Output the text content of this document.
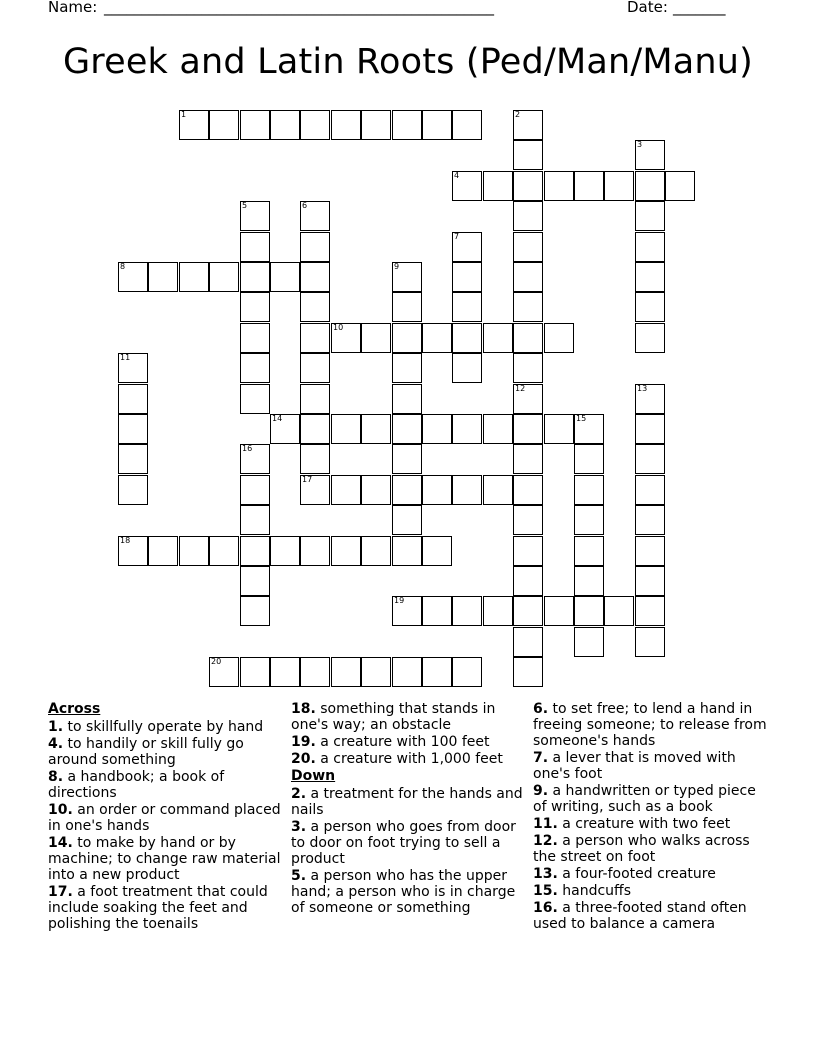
Name: ____________________________________________________	Date: _______
Greek and Latin Roots (Ped/Man/Manu)
1	2
3
4
5	6
17
7
8	9
10
11
12	13
14	15
16
18
19
20
Across
1. to skillfully operate by hand
4. to handily or skill fully go around something
8. a handbook; a book of directions
10. an order or command placed in one's hands
14. to make by hand or by machine; to change raw material into a new product
17. a foot treatment that could include soaking the feet and polishing the toenails
18. something that stands in one's way; an obstacle
19. a creature with 100 feet
20. a creature with 1,000 feet
Down
2. a treatment for the hands and nails
3. a person who goes from door to door on foot trying to sell a product
5. a person who has the upper hand; a person who is in charge of someone or something
6. to set free; to lend a hand in freeing someone; to release from someone's hands
7. a lever that is moved with one's foot
9. a handwritten or typed piece of writing, such as a book
11. a creature with two feet
12. a person who walks across the street on foot
13. a four-footed creature
15. handcuffs
16. a three-footed stand often used to balance a camera
